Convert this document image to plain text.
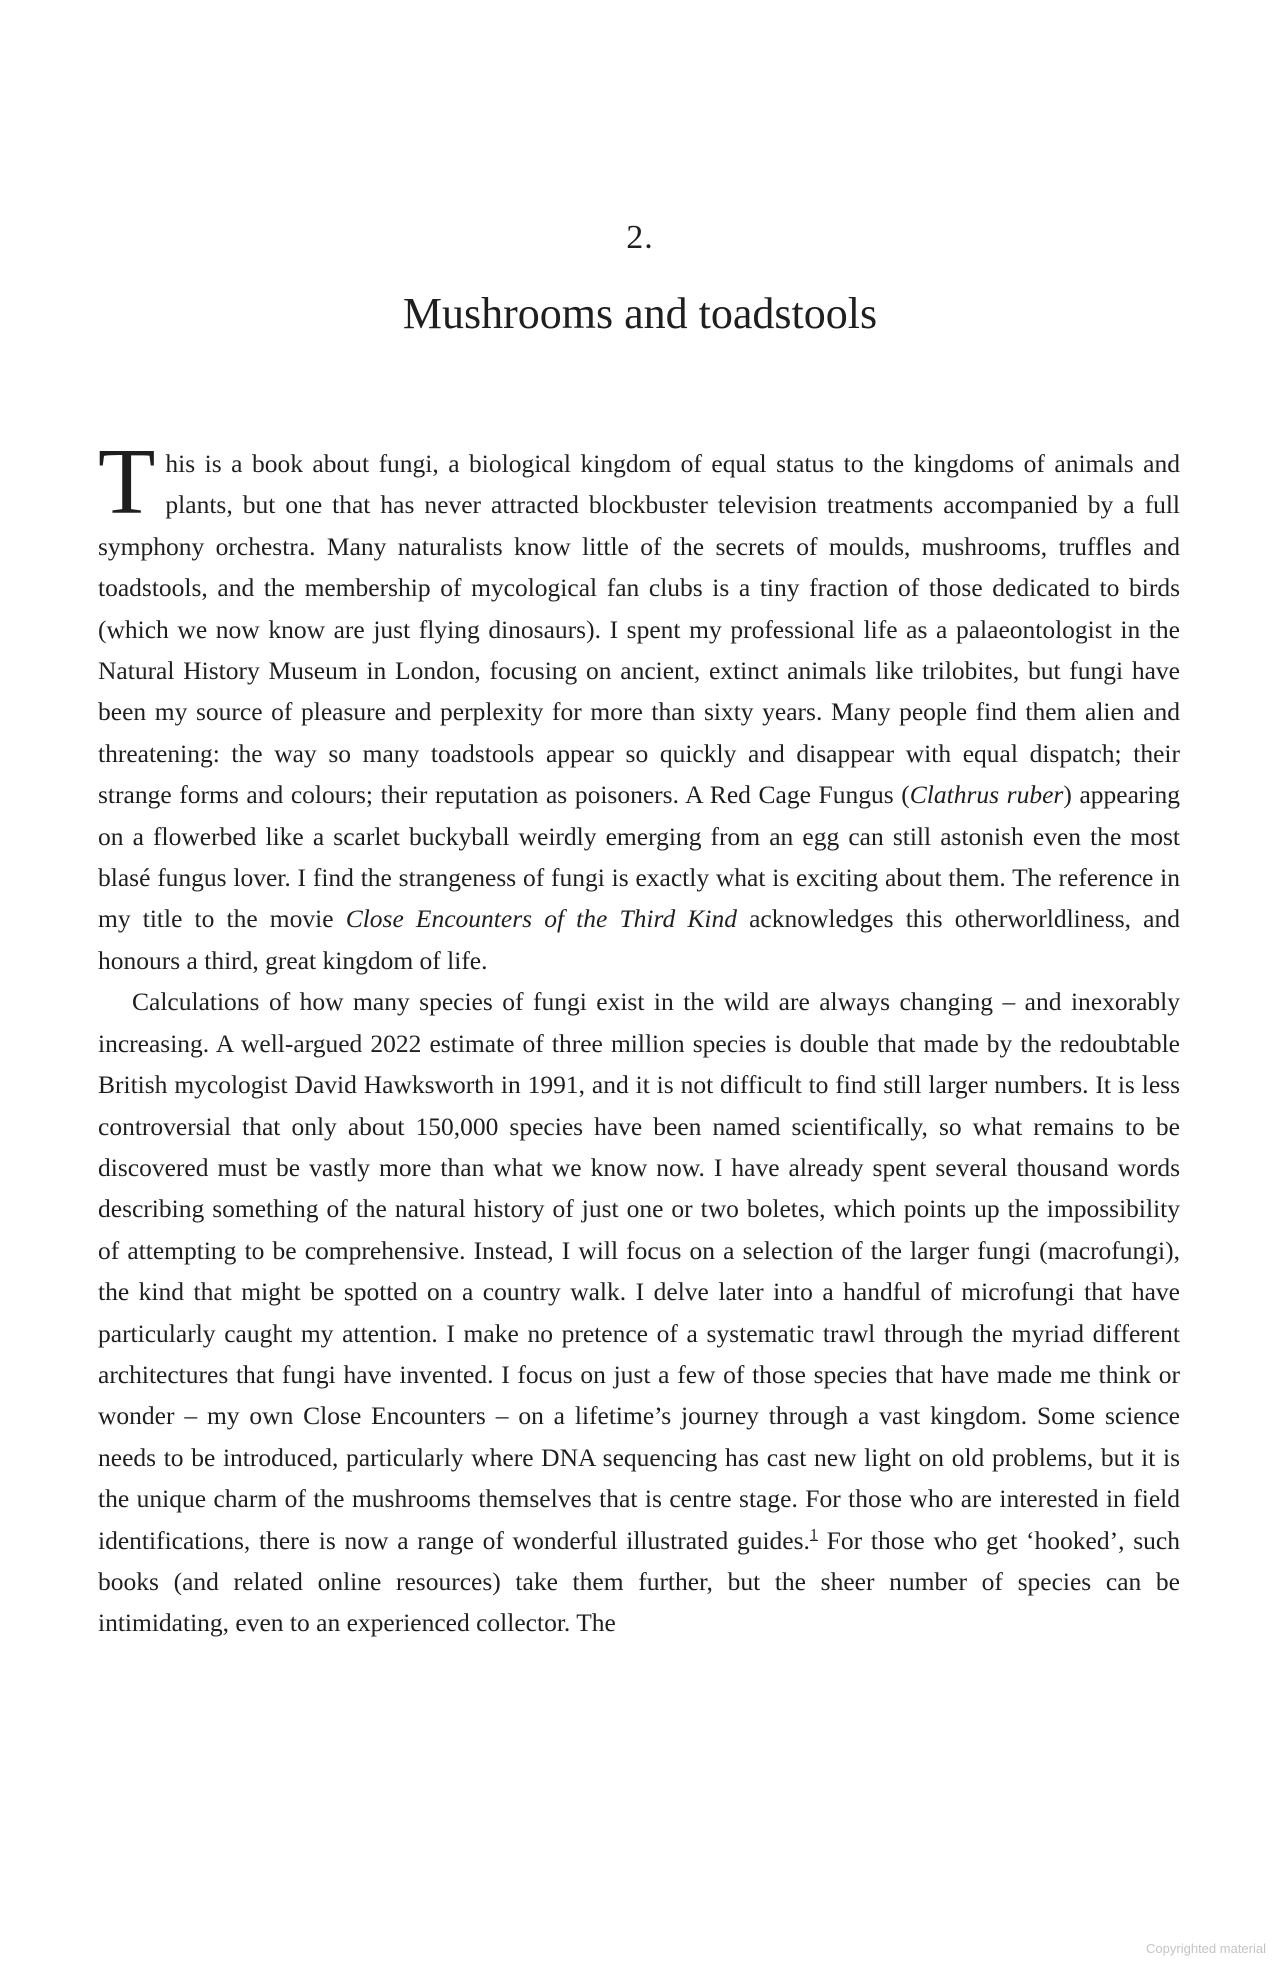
2.
Mushrooms and toadstools

This is a book about fungi, a biological kingdom of equal status to the kingdoms of animals and plants, but one that has never attracted blockbuster television treatments accompanied by a full symphony orchestra. Many naturalists know little of the secrets of moulds, mushrooms, truffles and toadstools, and the membership of mycological fan clubs is a tiny fraction of those dedicated to birds (which we now know are just flying dinosaurs). I spent my professional life as a palaeontologist in the Natural History Museum in London, focusing on ancient, extinct animals like trilobites, but fungi have been my source of pleasure and perplexity for more than sixty years. Many people find them alien and threatening: the way so many toadstools appear so quickly and disappear with equal dispatch; their strange forms and colours; their reputation as poisoners. A Red Cage Fungus (Clathrus ruber) appearing on a flowerbed like a scarlet buckyball weirdly emerging from an egg can still astonish even the most blasé fungus lover. I find the strangeness of fungi is exactly what is exciting about them. The reference in my title to the movie Close Encounters of the Third Kind acknowledges this otherworldliness, and honours a third, great kingdom of life.

Calculations of how many species of fungi exist in the wild are always changing – and inexorably increasing. A well-argued 2022 estimate of three million species is double that made by the redoubtable British mycologist David Hawksworth in 1991, and it is not difficult to find still larger numbers. It is less controversial that only about 150,000 species have been named scientifically, so what remains to be discovered must be vastly more than what we know now. I have already spent several thousand words describing something of the natural history of just one or two boletes, which points up the impossibility of attempting to be comprehensive. Instead, I will focus on a selection of the larger fungi (macrofungi), the kind that might be spotted on a country walk. I delve later into a handful of microfungi that have particularly caught my attention. I make no pretence of a systematic trawl through the myriad different architectures that fungi have invented. I focus on just a few of those species that have made me think or wonder – my own Close Encounters – on a lifetime’s journey through a vast kingdom. Some science needs to be introduced, particularly where DNA sequencing has cast new light on old problems, but it is the unique charm of the mushrooms themselves that is centre stage. For those who are interested in field identifications, there is now a range of wonderful illustrated guides.$^1$ For those who get ‘hooked’, such books (and related online resources) take them further, but the sheer number of species can be intimidating, even to an experienced collector. The

Copyrighted material
